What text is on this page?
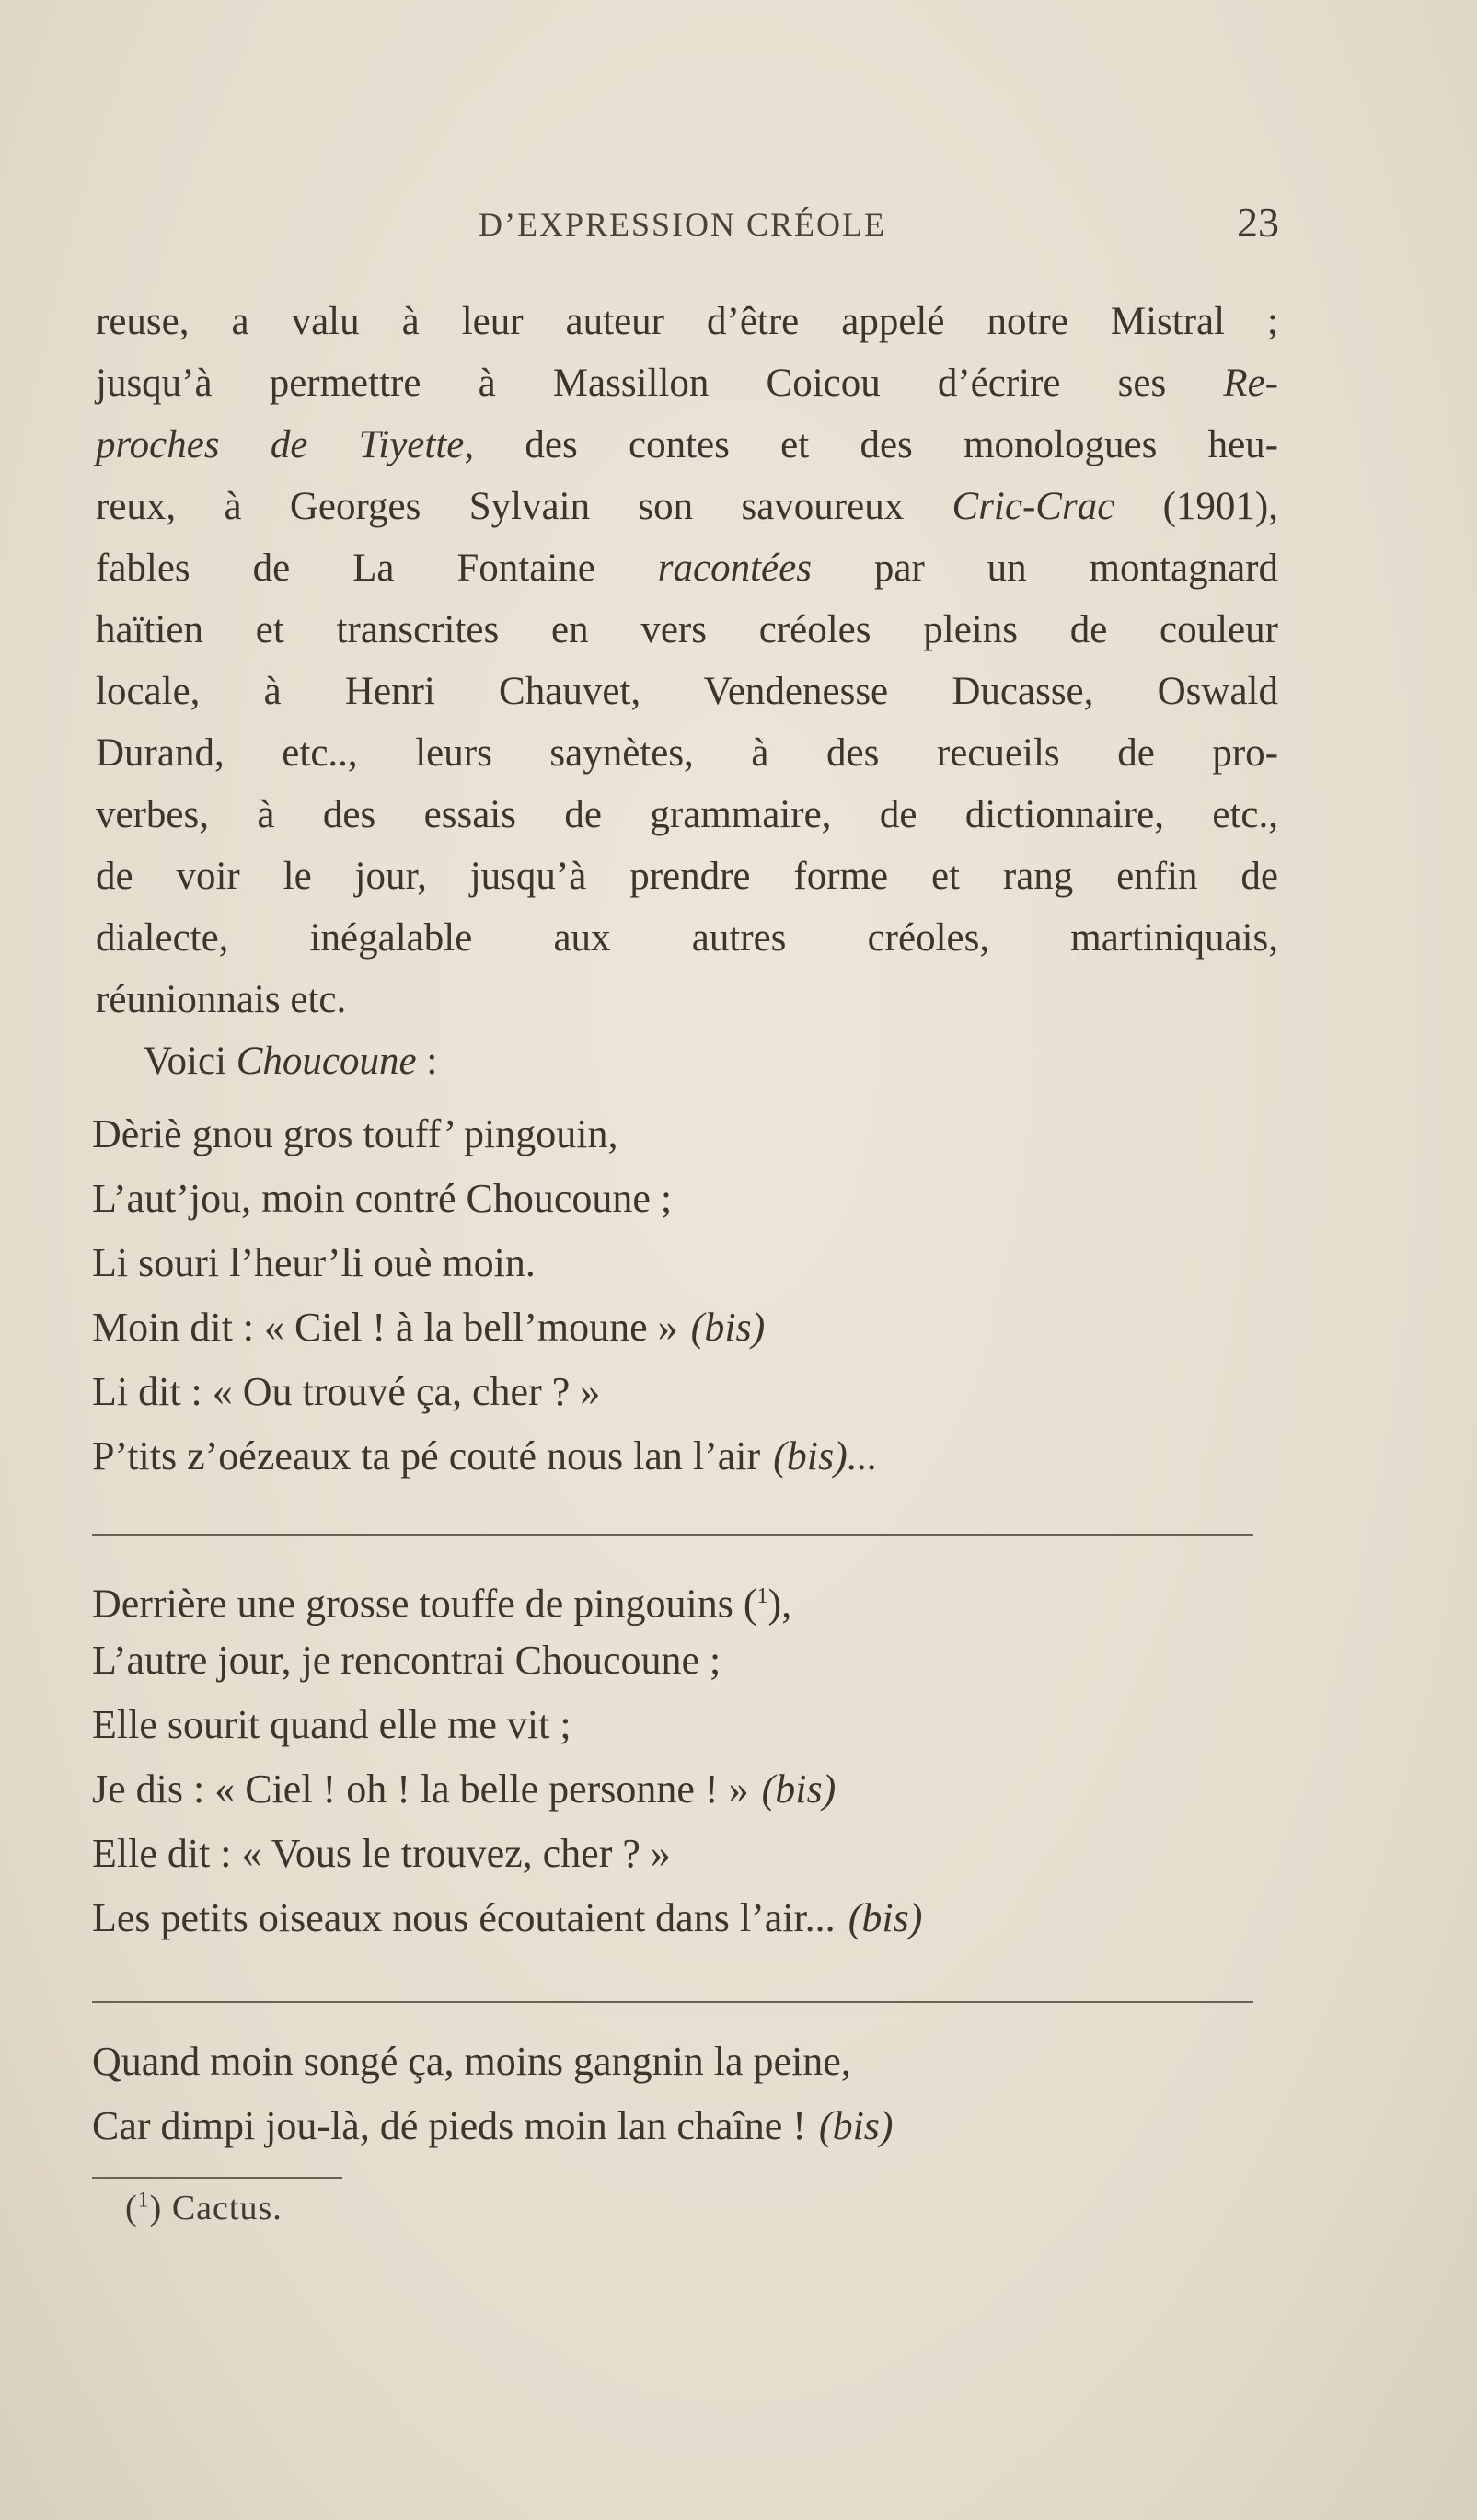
D’EXPRESSION CRÉOLE	23
reuse, a valu à leur auteur d’être appelé notre Mistral ;
jusqu’à permettre à Massillon Coicou d’écrire ses Re-
proches de Tiyette, des contes et des monologues heu-
reux, à Georges Sylvain son savoureux Cric-Crac (1901),
fables de La Fontaine racontées par un montagnard
haïtien et transcrites en vers créoles pleins de couleur
locale, à Henri Chauvet, Vendenesse Ducasse, Oswald
Durand, etc.., leurs saynètes, à des recueils de pro-
verbes, à des essais de grammaire, de dictionnaire, etc.,
de voir le jour, jusqu’à prendre forme et rang enfin de
dialecte, inégalable aux autres créoles, martiniquais,
réunionnais etc.
Voici Choucoune :
Dèriè gnou gros touff’ pingouin,
L’aut’jou, moin contré Choucoune ;
Li souri l’heur’li ouè moin.
Moin dit : « Ciel ! à la bell’moune » (bis)
Li dit : « Ou trouvé ça, cher ? »
P’tits z’oézeaux ta pé couté nous lan l’air (bis)...
Derrière une grosse touffe de pingouins ($^1$),
L’autre jour, je rencontrai Choucoune ;
Elle sourit quand elle me vit ;
Je dis : « Ciel ! oh ! la belle personne ! » (bis)
Elle dit : « Vous le trouvez, cher ? »
Les petits oiseaux nous écoutaient dans l’air... (bis)
Quand moin songé ça, moins gangnin la peine,
Car dimpi jou-là, dé pieds moin lan chaîne ! (bis)
($^1$) Cactus.
